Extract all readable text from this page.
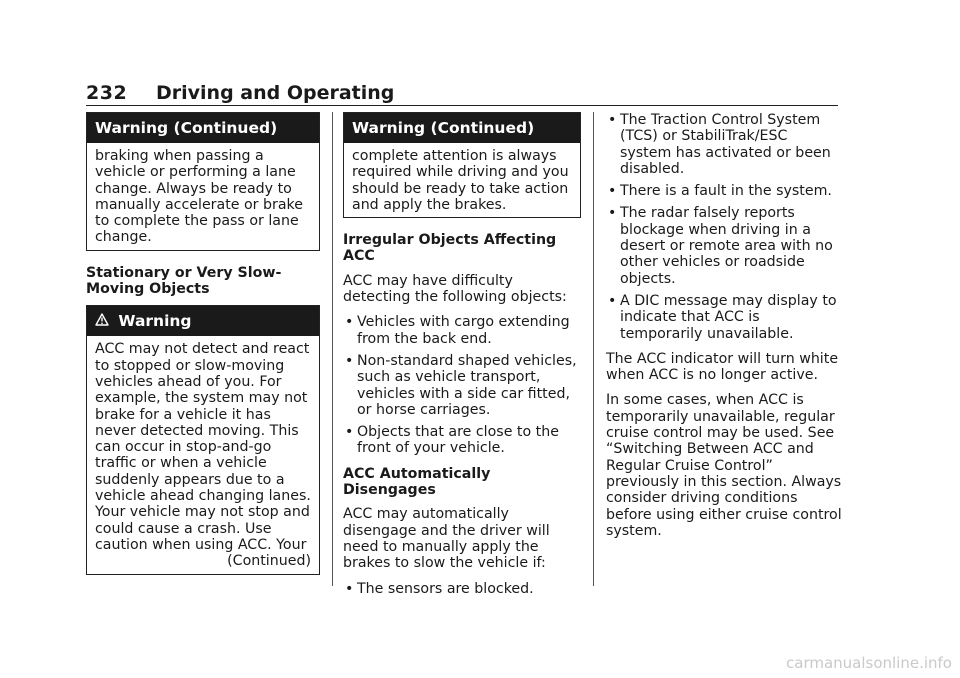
232 Driving and Operating
Warning (Continued)
braking when passing a vehicle or performing a lane change. Always be ready to manually accelerate or brake to complete the pass or lane change.
Stationary or Very Slow-Moving Objects
Warning
ACC may not detect and react to stopped or slow-moving vehicles ahead of you. For example, the system may not brake for a vehicle it has never detected moving. This can occur in stop-and-go traffic or when a vehicle suddenly appears due to a vehicle ahead changing lanes. Your vehicle may not stop and could cause a crash. Use caution when using ACC. Your
(Continued)
Warning (Continued)
complete attention is always required while driving and you should be ready to take action and apply the brakes.
Irregular Objects Affecting ACC

ACC may have difficulty detecting the following objects:

• Vehicles with cargo extending from the back end.
• Non-standard shaped vehicles, such as vehicle transport, vehicles with a side car fitted, or horse carriages.
• Objects that are close to the front of your vehicle.
ACC Automatically Disengages

ACC may automatically disengage and the driver will need to manually apply the brakes to slow the vehicle if:

• The sensors are blocked.
• The Traction Control System (TCS) or StabiliTrak/ESC system has activated or been disabled.
• There is a fault in the system.
• The radar falsely reports blockage when driving in a desert or remote area with no other vehicles or roadside objects.
• A DIC message may display to indicate that ACC is temporarily unavailable.

The ACC indicator will turn white when ACC is no longer active.

In some cases, when ACC is temporarily unavailable, regular cruise control may be used. See “Switching Between ACC and Regular Cruise Control” previously in this section. Always consider driving conditions before using either cruise control system.

carmanualsonline.info
